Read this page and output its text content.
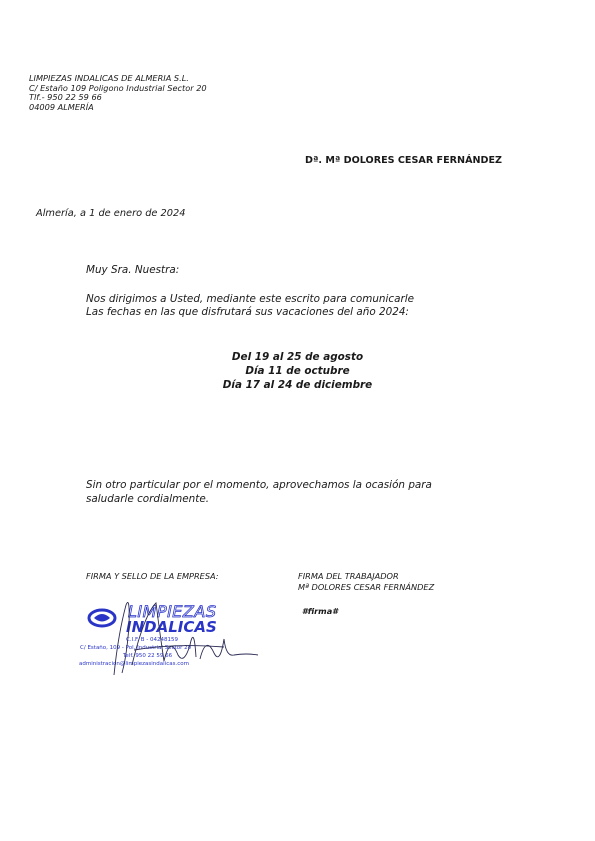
LIMPIEZAS INDALICAS DE ALMERIA S.L.
C/ Estaño 109 Poligono Industrial Sector 20
Tlf.- 950 22 59 66
04009 ALMERÍA
Dª. Mª DOLORES CESAR FERNÁNDEZ
Almería, a 1 de enero de 2024
Muy Sra. Nuestra:
Nos dirigimos a Usted, mediante este escrito para comunicarle
Las fechas en las que disfrutará sus vacaciones del año 2024:
Del 19 al 25 de agosto
Día 11 de octubre
Día 17 al 24 de diciembre
Sin otro particular por el momento, aprovechamos la ocasión para
saludarle cordialmente.
FIRMA Y SELLO DE LA EMPRESA:	FIRMA DEL TRABAJADOR
Mª DOLORES CESAR FERNÁNDEZ
#firma#
LIMPIEZAS
INDALICAS
C.I.F. B - 04248159
C/ Estaño, 109 - Pol. Industrial Sector 20
Telf. 950 22 59 66
administracion@limpiezasindalicas.com
